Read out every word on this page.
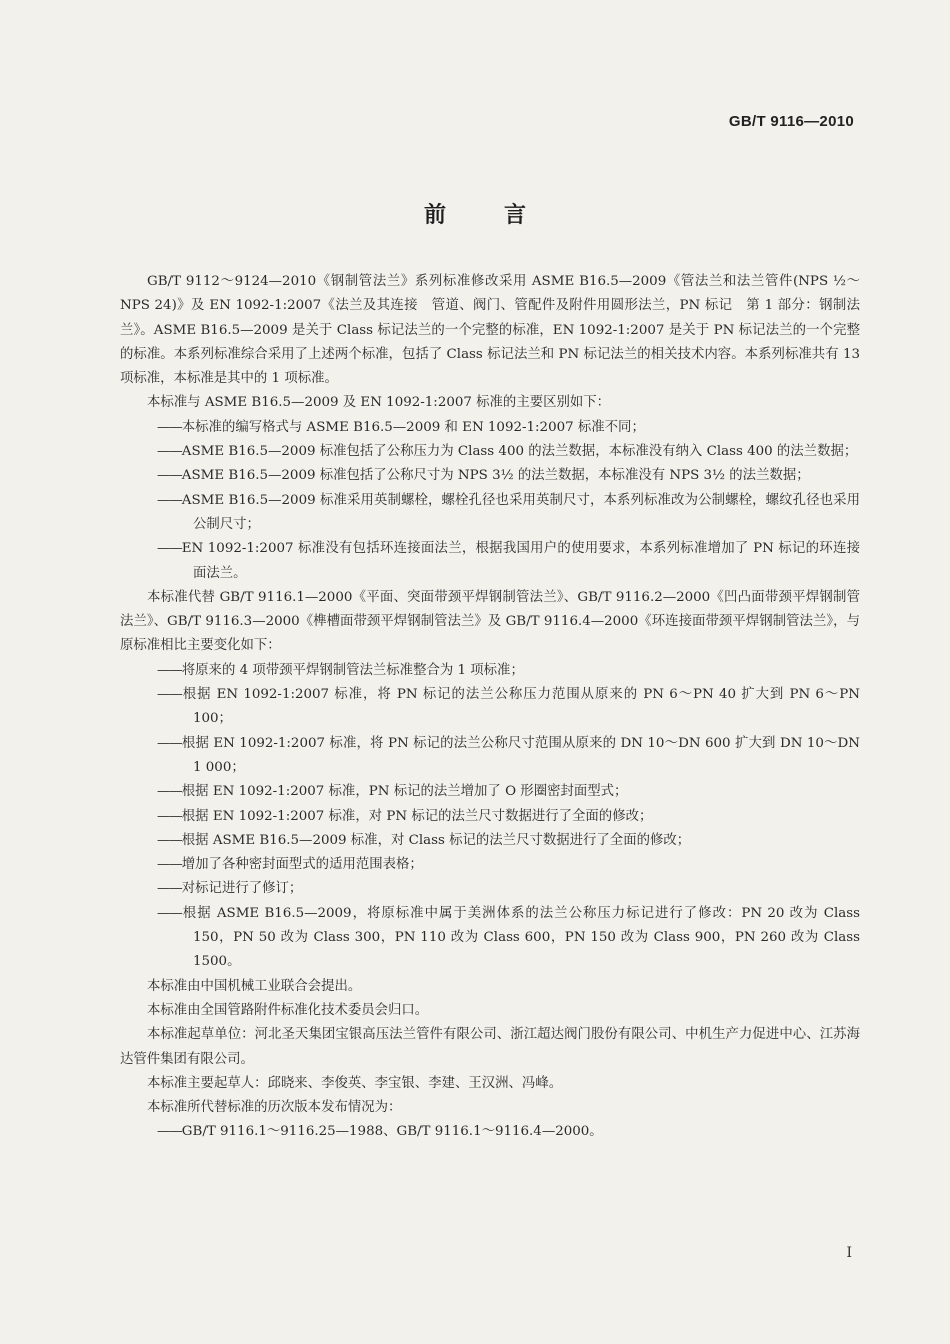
GB/T 9116—2010
前言

GB/T 9112～9124—2010《钢制管法兰》系列标准修改采用 ASME B16.5—2009《管法兰和法兰管件(NPS ½～NPS 24)》及 EN 1092-1:2007《法兰及其连接　管道、阀门、管配件及附件用圆形法兰，PN 标记　第 1 部分：钢制法兰》。ASME B16.5—2009 是关于 Class 标记法兰的一个完整的标准，EN 1092-1:2007 是关于 PN 标记法兰的一个完整的标准。本系列标准综合采用了上述两个标准，包括了 Class 标记法兰和 PN 标记法兰的相关技术内容。本系列标准共有 13 项标准，本标准是其中的 1 项标准。

本标准与 ASME B16.5—2009 及 EN 1092-1:2007 标准的主要区别如下：

——本标准的编写格式与 ASME B16.5—2009 和 EN 1092-1:2007 标准不同；

——ASME B16.5—2009 标准包括了公称压力为 Class 400 的法兰数据，本标准没有纳入 Class 400 的法兰数据；

——ASME B16.5—2009 标准包括了公称尺寸为 NPS 3½ 的法兰数据，本标准没有 NPS 3½ 的法兰数据；

——ASME B16.5—2009 标准采用英制螺栓，螺栓孔径也采用英制尺寸，本系列标准改为公制螺栓，螺纹孔径也采用公制尺寸；

——EN 1092-1:2007 标准没有包括环连接面法兰，根据我国用户的使用要求，本系列标准增加了 PN 标记的环连接面法兰。

本标准代替 GB/T 9116.1—2000《平面、突面带颈平焊钢制管法兰》、GB/T 9116.2—2000《凹凸面带颈平焊钢制管法兰》、GB/T 9116.3—2000《榫槽面带颈平焊钢制管法兰》及 GB/T 9116.4—2000《环连接面带颈平焊钢制管法兰》，与原标准相比主要变化如下：

——将原来的 4 项带颈平焊钢制管法兰标准整合为 1 项标准；

——根据 EN 1092-1:2007 标准，将 PN 标记的法兰公称压力范围从原来的 PN 6～PN 40 扩大到 PN 6～PN 100；

——根据 EN 1092-1:2007 标准，将 PN 标记的法兰公称尺寸范围从原来的 DN 10～DN 600 扩大到 DN 10～DN 1 000；

——根据 EN 1092-1:2007 标准，PN 标记的法兰增加了 O 形圈密封面型式；

——根据 EN 1092-1:2007 标准，对 PN 标记的法兰尺寸数据进行了全面的修改；

——根据 ASME B16.5—2009 标准，对 Class 标记的法兰尺寸数据进行了全面的修改；

——增加了各种密封面型式的适用范围表格；

——对标记进行了修订；

——根据 ASME B16.5—2009，将原标准中属于美洲体系的法兰公称压力标记进行了修改：PN 20 改为 Class 150，PN 50 改为 Class 300，PN 110 改为 Class 600，PN 150 改为 Class 900，PN 260 改为 Class 1500。

本标准由中国机械工业联合会提出。

本标准由全国管路附件标准化技术委员会归口。

本标准起草单位：河北圣天集团宝银高压法兰管件有限公司、浙江超达阀门股份有限公司、中机生产力促进中心、江苏海达管件集团有限公司。

本标准主要起草人：邱晓来、李俊英、李宝银、李建、王汉洲、冯峰。

本标准所代替标准的历次版本发布情况为：

——GB/T 9116.1～9116.25—1988、GB/T 9116.1～9116.4—2000。

I
